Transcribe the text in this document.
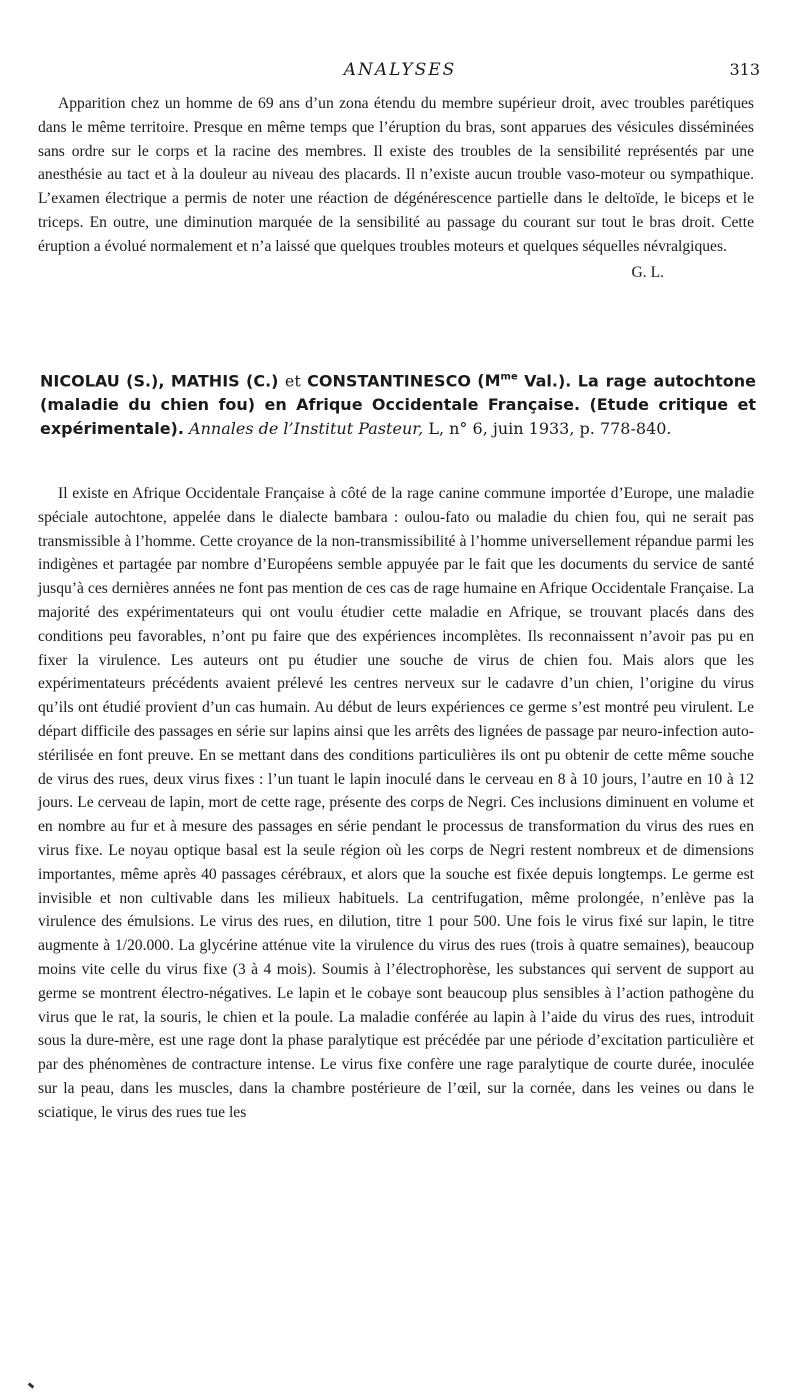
ANALYSES	313

Apparition chez un homme de 69 ans d’un zona étendu du membre supérieur droit, avec troubles parétiques dans le même territoire. Presque en même temps que l’éruption du bras, sont apparues des vésicules disséminées sans ordre sur le corps et la racine des membres. Il existe des troubles de la sensibilité représentés par une anesthésie au tact et à la douleur au niveau des placards. Il n’existe aucun trouble vaso-moteur ou sympathique. L’examen électrique a permis de noter une réaction de dégénérescence partielle dans le deltoïde, le biceps et le triceps. En outre, une diminution marquée de la sensibilité au passage du courant sur tout le bras droit. Cette éruption a évolué normalement et n’a laissé que quelques troubles moteurs et quelques séquelles névralgiques.

G. L.

NICOLAU (S.), MATHIS (C.) et CONSTANTINESCO ($M^{me}$ Val.). La rage autochtone (maladie du chien fou) en Afrique Occidentale Française. (Etude critique et expérimentale). Annales de l’Institut Pasteur, L, n° 6, juin 1933, p. 778-840.

Il existe en Afrique Occidentale Française à côté de la rage canine commune importée d’Europe, une maladie spéciale autochtone, appelée dans le dialecte bambara : oulou-fato ou maladie du chien fou, qui ne serait pas transmissible à l’homme. Cette croyance de la non-transmissibilité à l’homme universellement répandue parmi les indigènes et partagée par nombre d’Européens semble appuyée par le fait que les documents du service de santé jusqu’à ces dernières années ne font pas mention de ces cas de rage humaine en Afrique Occidentale Française. La majorité des expérimentateurs qui ont voulu étudier cette maladie en Afrique, se trouvant placés dans des conditions peu favorables, n’ont pu faire que des expériences incomplètes. Ils reconnaissent n’avoir pas pu en fixer la virulence. Les auteurs ont pu étudier une souche de virus de chien fou. Mais alors que les expérimentateurs précédents avaient prélevé les centres nerveux sur le cadavre d’un chien, l’origine du virus qu’ils ont étudié provient d’un cas humain. Au début de leurs expériences ce germe s’est montré peu virulent. Le départ difficile des passages en série sur lapins ainsi que les arrêts des lignées de passage par neuro-infection auto-stérilisée en font preuve. En se mettant dans des conditions particulières ils ont pu obtenir de cette même souche de virus des rues, deux virus fixes : l’un tuant le lapin inoculé dans le cerveau en 8 à 10 jours, l’autre en 10 à 12 jours. Le cerveau de lapin, mort de cette rage, présente des corps de Negri. Ces inclusions diminuent en volume et en nombre au fur et à mesure des passages en série pendant le processus de transformation du virus des rues en virus fixe. Le noyau optique basal est la seule région où les corps de Negri restent nombreux et de dimensions importantes, même après 40 passages cérébraux, et alors que la souche est fixée depuis longtemps. Le germe est invisible et non cultivable dans les milieux habituels. La centrifugation, même prolongée, n’enlève pas la virulence des émulsions. Le virus des rues, en dilution, titre 1 pour 500. Une fois le virus fixé sur lapin, le titre augmente à 1/20.000. La glycérine atténue vite la virulence du virus des rues (trois à quatre semaines), beaucoup moins vite celle du virus fixe (3 à 4 mois). Soumis à l’électrophorèse, les substances qui servent de support au germe se montrent électro-négatives. Le lapin et le cobaye sont beaucoup plus sensibles à l’action pathogène du virus que le rat, la souris, le chien et la poule. La maladie conférée au lapin à l’aide du virus des rues, introduit sous la dure-mère, est une rage dont la phase paralytique est précédée par une période d’excitation particulière et par des phénomènes de contracture intense. Le virus fixe confère une rage paralytique de courte durée, inoculée sur la peau, dans les muscles, dans la chambre postérieure de l’œil, sur la cornée, dans les veines ou dans le sciatique, le virus des rues tue les
